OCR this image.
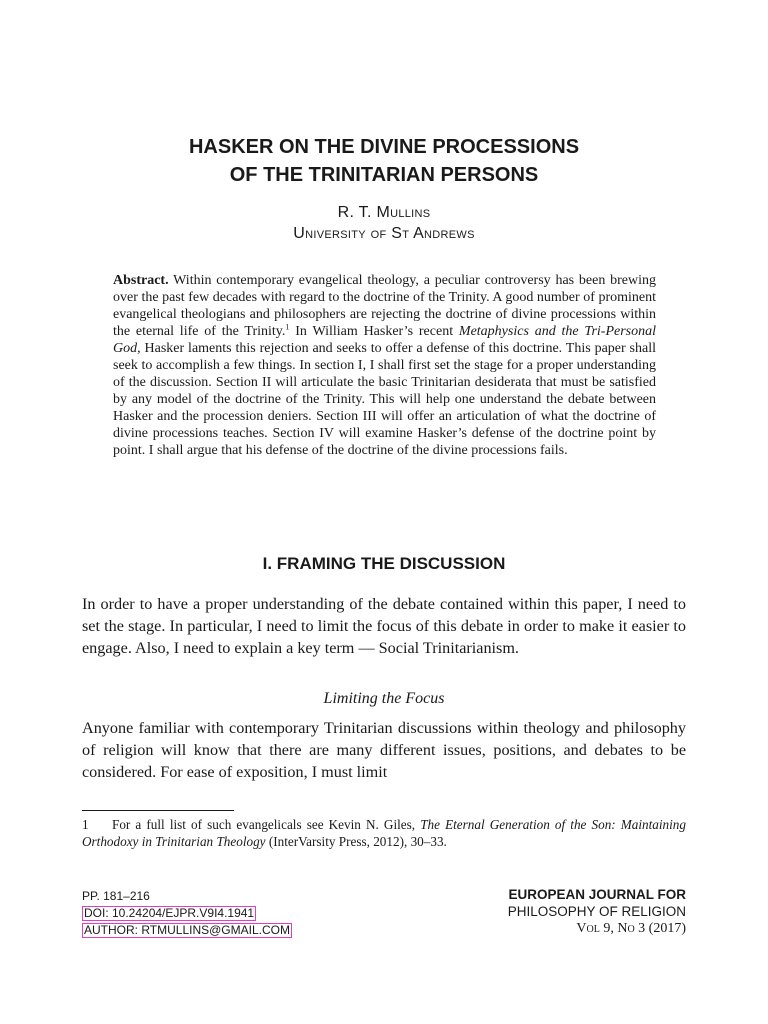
HASKER ON THE DIVINE PROCESSIONS
OF THE TRINITARIAN PERSONS
R. T. Mullins
University of St Andrews
Abstract. Within contemporary evangelical theology, a peculiar controversy has been brewing over the past few decades with regard to the doctrine of the Trinity. A good number of prominent evangelical theologians and philosophers are rejecting the doctrine of divine processions within the eternal life of the Trinity.$^1$ In William Hasker’s recent Metaphysics and the Tri-Personal God, Hasker laments this rejection and seeks to offer a defense of this doctrine. This paper shall seek to accomplish a few things. In section I, I shall first set the stage for a proper understanding of the discussion. Section II will articulate the basic Trinitarian desiderata that must be satisfied by any model of the doctrine of the Trinity. This will help one understand the debate between Hasker and the procession deniers. Section III will offer an articulation of what the doctrine of divine processions teaches. Section IV will examine Hasker’s defense of the doctrine point by point. I shall argue that his defense of the doctrine of the divine processions fails.
I. FRAMING THE DISCUSSION
In order to have a proper understanding of the debate contained within this paper, I need to set the stage. In particular, I need to limit the focus of this debate in order to make it easier to engage. Also, I need to explain a key term — Social Trinitarianism.
Limiting the Focus
Anyone familiar with contemporary Trinitarian discussions within theology and philosophy of religion will know that there are many different issues, positions, and debates to be considered. For ease of exposition, I must limit
1 For a full list of such evangelicals see Kevin N. Giles, The Eternal Generation of the Son: Maintaining Orthodoxy in Trinitarian Theology (InterVarsity Press, 2012), 30–33.
PP. 181–216
DOI: 10.24204/EJPR.V9I4.1941
AUTHOR: RTMULLINS@GMAIL.COM
EUROPEAN JOURNAL FOR
PHILOSOPHY OF RELIGION
Vol 9, No 3 (2017)
